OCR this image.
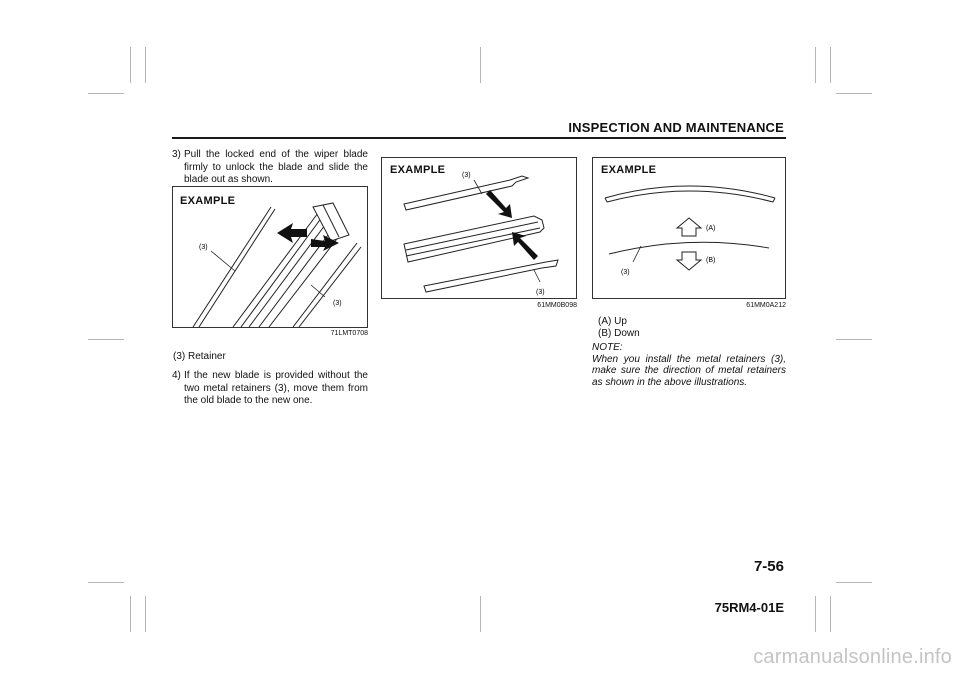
INSPECTION AND MAINTENANCE
3) Pull the locked end of the wiper blade firmly to unlock the blade and slide the blade out as shown.
EXAMPLE
(3)
(3)
71LMT0708
(3) Retainer
4) If the new blade is provided without the two metal retainers (3), move them from the old blade to the new one.
EXAMPLE (3)
(3)
61MM0B098
EXAMPLE
(A)
(B)
(3)
61MM0A212
(A) Up
(B) Down
NOTE:
When you install the metal retainers (3), make sure the direction of metal retainers as shown in the above illustrations.
7-56
75RM4-01E
carmanualsonline.info
